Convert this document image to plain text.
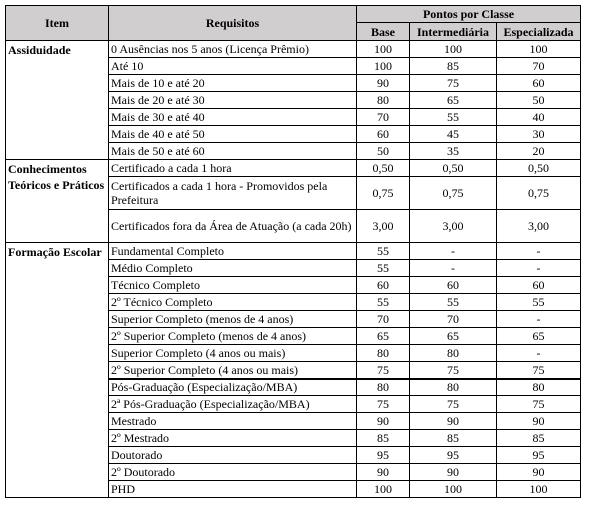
Item	Requisitos	Pontos por Classe		
		Base	Intermediária	Especializada
Assiduidade	0 Ausências nos 5 anos (Licença Prêmio)	100	100	100
	Até 10	100	85	70
	Mais de 10 e até 20	90	75	60
	Mais de 20 e até 30	80	65	50
	Mais de 30 e até 40	70	55	40
	Mais de 40 e até 50	60	45	30
	Mais de 50 e até 60	50	35	20
Conhecimentos Teóricos e Práticos	Certificado a cada 1 hora	0,50	0,50	0,50
	Certificados a cada 1 hora - Promovidos pela Prefeitura	0,75	0,75	0,75
	Certificados fora da Área de Atuação (a cada 20h)	3,00	3,00	3,00
Formação Escolar	Fundamental Completo	55	-	-
	Médio Completo	55	-	-
	Técnico Completo	60	60	60
	2º Técnico Completo	55	55	55
	Superior Completo (menos de 4 anos)	70	70	-
	2º Superior Completo (menos de 4 anos)	65	65	65
	Superior Completo (4 anos ou mais)	80	80	-
	2º Superior Completo (4 anos ou mais)	75	75	75
	Pós-Graduação (Especialização/MBA)	80	80	80
	2ª Pós-Graduação (Especialização/MBA)	75	75	75
	Mestrado	90	90	90
	2º Mestrado	85	85	85
	Doutorado	95	95	95
	2º Doutorado	90	90	90
	PHD	100	100	100
